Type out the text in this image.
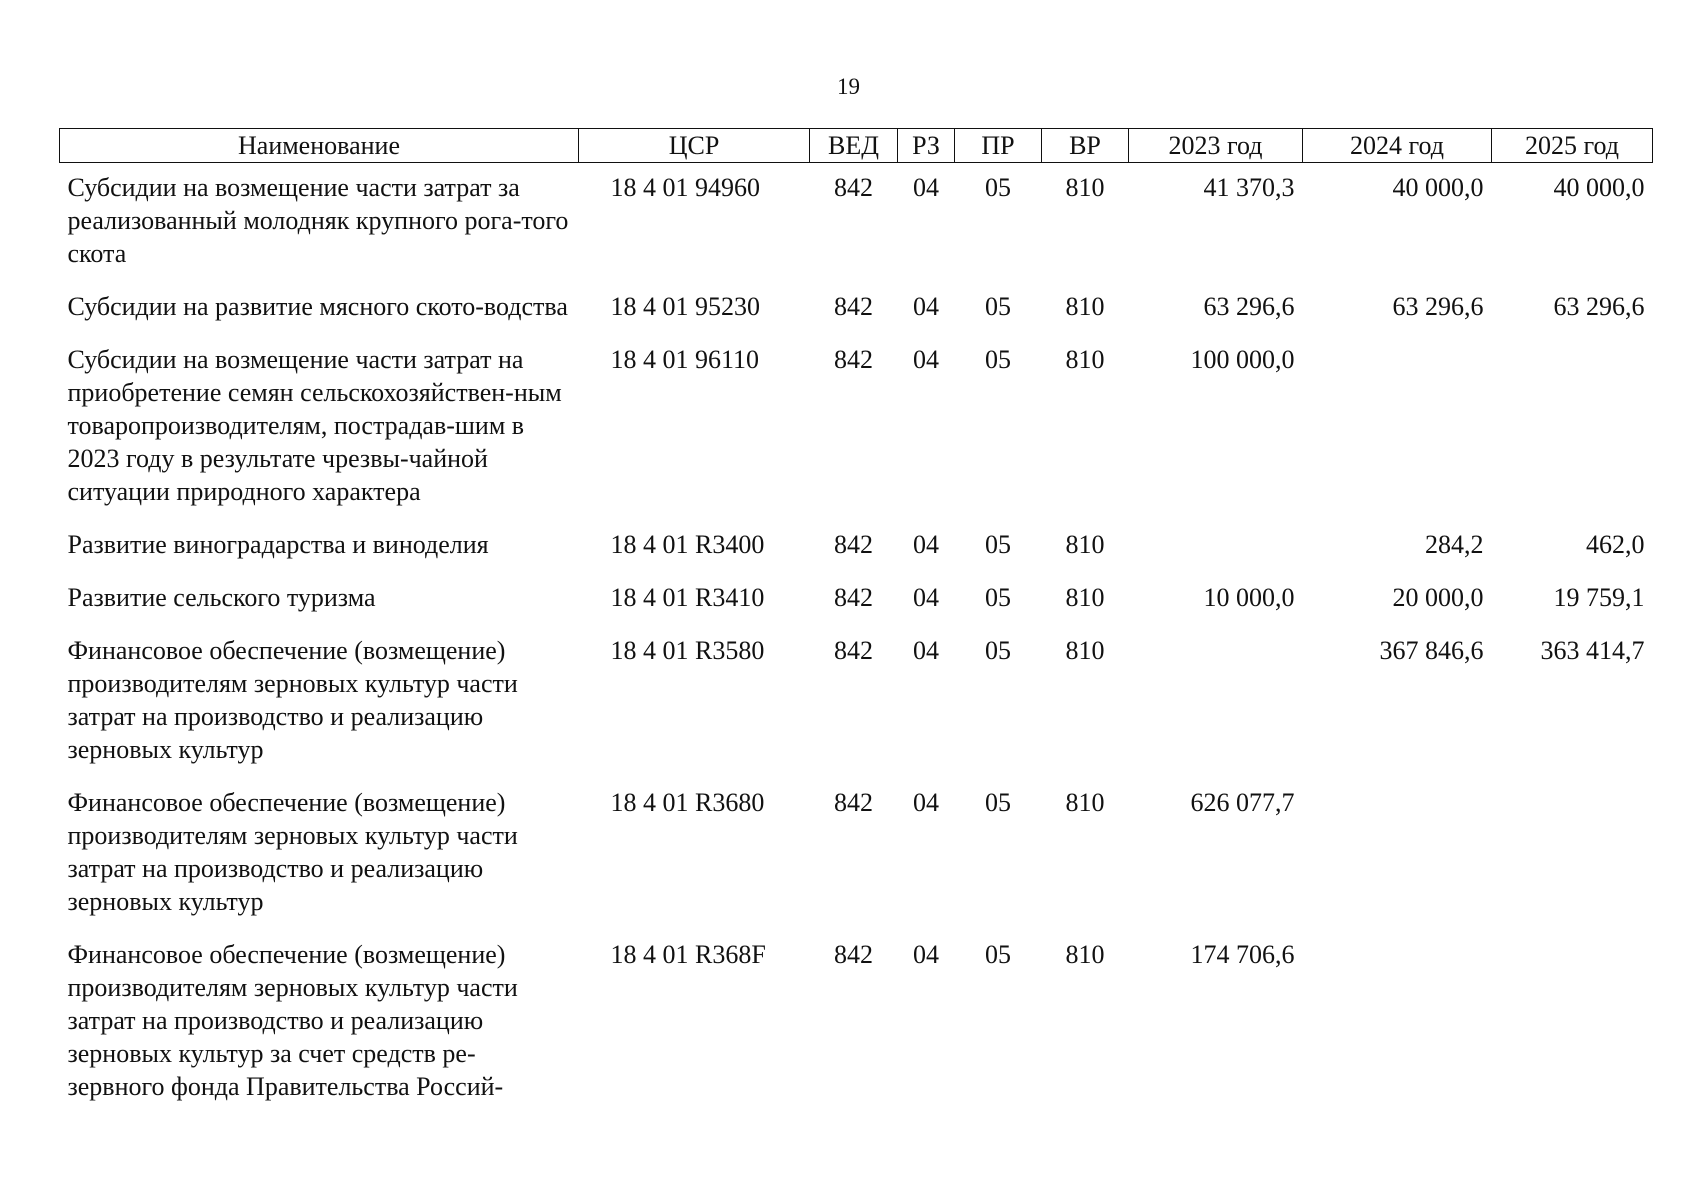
19
Наименование	ЦСР	ВЕД	РЗ	ПР	ВР	2023 год	2024 год	2025 год
Субсидии на возмещение части затрат за реализованный молодняк крупного рога-того скота	18 4 01 94960	842	04	05	810	41 370,3	40 000,0	40 000,0
Субсидии на развитие мясного ското-водства	18 4 01 95230	842	04	05	810	63 296,6	63 296,6	63 296,6
Субсидии на возмещение части затрат на приобретение семян сельскохозяйствен-ным товаропроизводителям, пострадав-шим в 2023 году в результате чрезвы-чайной ситуации природного характера	18 4 01 96110	842	04	05	810	100 000,0		
Развитие виноградарства и виноделия	18 4 01 R3400	842	04	05	810		284,2	462,0
Развитие сельского туризма	18 4 01 R3410	842	04	05	810	10 000,0	20 000,0	19 759,1
Финансовое обеспечение (возмещение) производителям зерновых культур части затрат на производство и реализацию зерновых культур	18 4 01 R3580	842	04	05	810		367 846,6	363 414,7
Финансовое обеспечение (возмещение) производителям зерновых культур части затрат на производство и реализацию зерновых культур	18 4 01 R3680	842	04	05	810	626 077,7		
Финансовое обеспечение (возмещение) производителям зерновых культур части затрат на производство и реализацию зерновых культур за счет средств ре-зервного фонда Правительства Россий-	18 4 01 R368F	842	04	05	810	174 706,6		
